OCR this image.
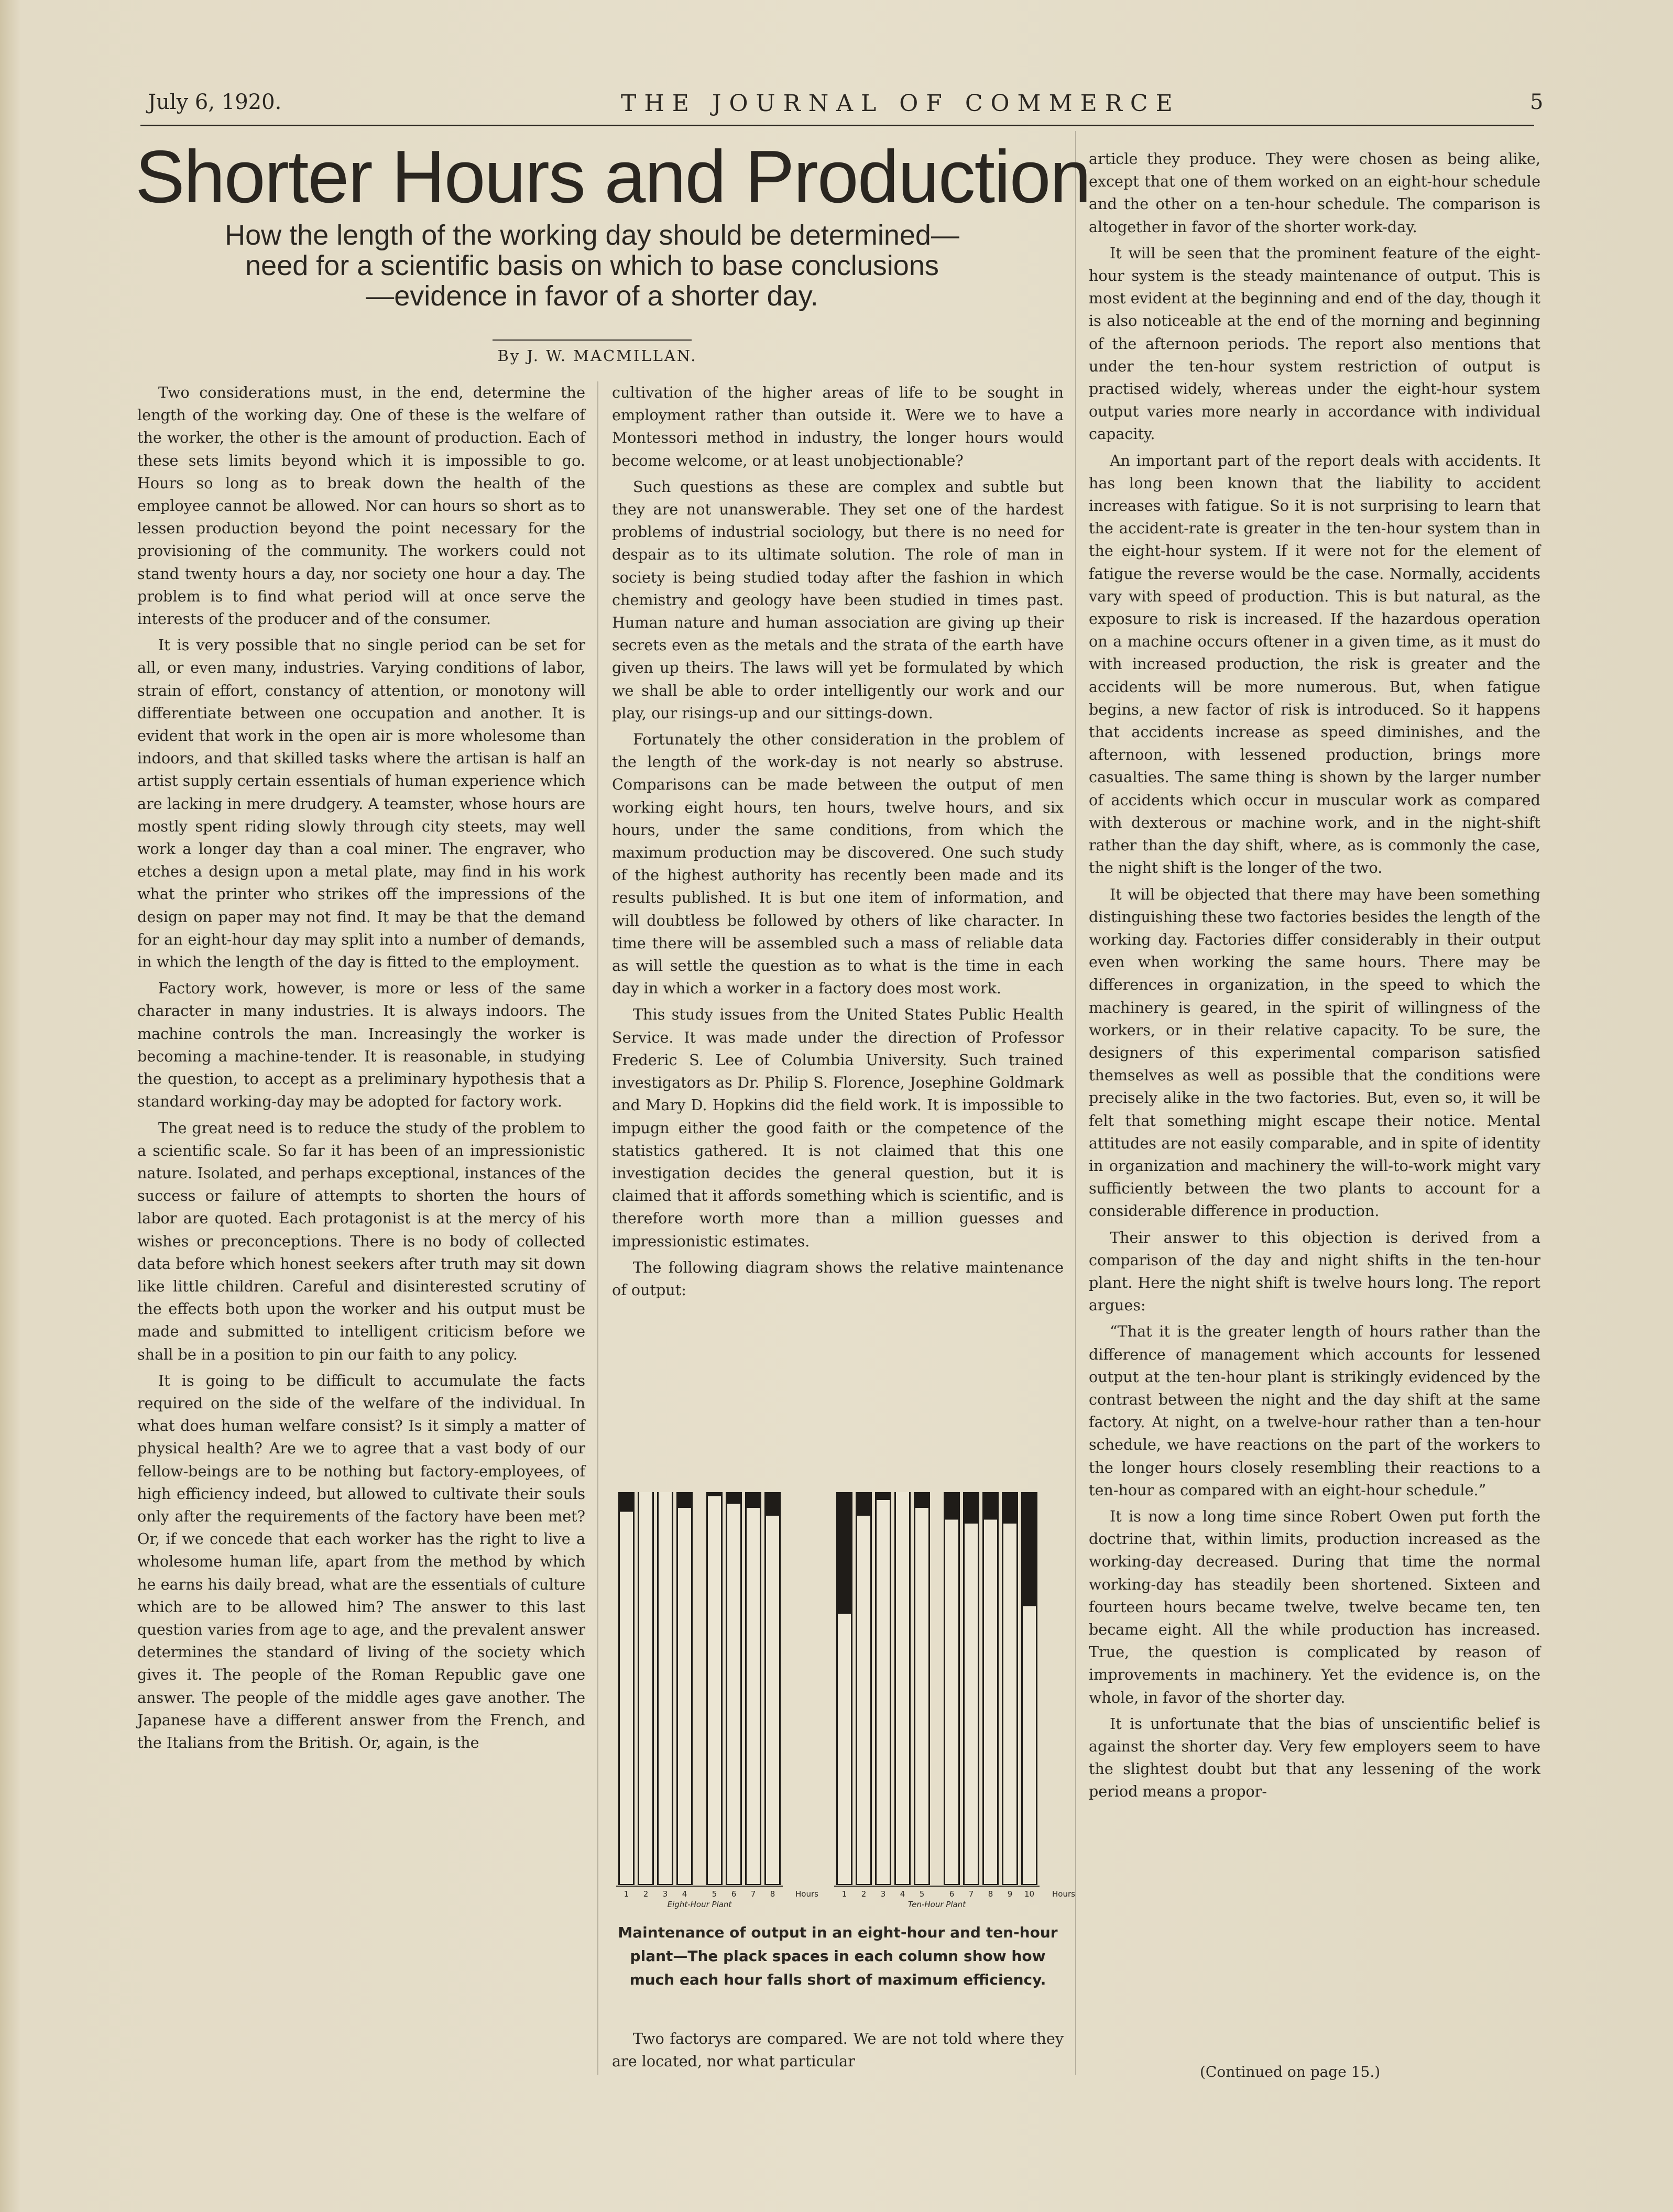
July 6, 1920.	THE JOURNAL OF COMMERCE	5
Shorter Hours and Production
How the length of the working day should be determined—
need for a scientific basis on which to base conclusions
—evidence in favor of a shorter day.
By J. W. MACMILLAN.

Two considerations must, in the end, determine the length of the working day. One of these is the welfare of the worker, the other is the amount of production. Each of these sets limits beyond which it is impossible to go. Hours so long as to break down the health of the employee cannot be allowed. Nor can hours so short as to lessen production beyond the point necessary for the provisioning of the community. The workers could not stand twenty hours a day, nor society one hour a day. The problem is to find what period will at once serve the interests of the producer and of the consumer.

It is very possible that no single period can be set for all, or even many, industries. Varying conditions of labor, strain of effort, constancy of attention, or monotony will differentiate between one occupation and another. It is evident that work in the open air is more wholesome than indoors, and that skilled tasks where the artisan is half an artist supply certain essentials of human experience which are lacking in mere drudgery. A teamster, whose hours are mostly spent riding slowly through city steets, may well work a longer day than a coal miner. The engraver, who etches a design upon a metal plate, may find in his work what the printer who strikes off the impressions of the design on paper may not find. It may be that the demand for an eight-hour day may split into a number of demands, in which the length of the day is fitted to the employment.

Factory work, however, is more or less of the same character in many industries. It is always indoors. The machine controls the man. Increasingly the worker is becoming a machine-tender. It is reasonable, in studying the question, to accept as a preliminary hypothesis that a standard working-day may be adopted for factory work.

The great need is to reduce the study of the problem to a scientific scale. So far it has been of an impressionistic nature. Isolated, and perhaps exceptional, instances of the success or failure of attempts to shorten the hours of labor are quoted. Each protagonist is at the mercy of his wishes or preconceptions. There is no body of collected data before which honest seekers after truth may sit down like little children. Careful and disinterested scrutiny of the effects both upon the worker and his output must be made and submitted to intelligent criticism before we shall be in a position to pin our faith to any policy.

It is going to be difficult to accumulate the facts required on the side of the welfare of the individual. In what does human welfare consist? Is it simply a matter of physical health? Are we to agree that a vast body of our fellow-beings are to be nothing but factory-employees, of high efficiency indeed, but allowed to cultivate their souls only after the requirements of the factory have been met? Or, if we concede that each worker has the right to live a wholesome human life, apart from the method by which he earns his daily bread, what are the essentials of culture which are to be allowed him? The answer to this last question varies from age to age, and the prevalent answer determines the standard of living of the society which gives it. The people of the Roman Republic gave one answer. The people of the middle ages gave another. The Japanese have a different answer from the French, and the Italians from the British. Or, again, is the

cultivation of the higher areas of life to be sought in employment rather than outside it. Were we to have a Montessori method in industry, the longer hours would become welcome, or at least unobjectionable?

Such questions as these are complex and subtle but they are not unanswerable. They set one of the hardest problems of industrial sociology, but there is no need for despair as to its ultimate solution. The role of man in society is being studied today after the fashion in which chemistry and geology have been studied in times past. Human nature and human association are giving up their secrets even as the metals and the strata of the earth have given up theirs. The laws will yet be formulated by which we shall be able to order intelligently our work and our play, our risings-up and our sittings-down.

Fortunately the other consideration in the problem of the length of the work-day is not nearly so abstruse. Comparisons can be made between the output of men working eight hours, ten hours, twelve hours, and six hours, under the same conditions, from which the maximum production may be discovered. One such study of the highest authority has recently been made and its results published. It is but one item of information, and will doubtless be followed by others of like character. In time there will be assembled such a mass of reliable data as will settle the question as to what is the time in each day in which a worker in a factory does most work.

This study issues from the United States Public Health Service. It was made under the direction of Professor Frederic S. Lee of Columbia University. Such trained investigators as Dr. Philip S. Florence, Josephine Goldmark and Mary D. Hopkins did the field work. It is impossible to impugn either the good faith or the competence of the statistics gathered. It is not claimed that this one investigation decides the general question, but it is claimed that it affords something which is scientific, and is therefore worth more than a million guesses and impressionistic estimates.

The following diagram shows the relative maintenance of output:

1 2 3 4	5 6 7 8	Hours
Eight-Hour Plant
1 2 3 4 5	6 7 8 9 10 Hours
Ten-Hour Plant
Maintenance of output in an eight-hour and ten-hour plant—The plack spaces in each column show how much each hour falls short of maximum efficiency.

Two factorys are compared. We are not told where they are located, nor what particular

article they produce. They were chosen as being alike, except that one of them worked on an eight-hour schedule and the other on a ten-hour schedule. The comparison is altogether in favor of the shorter work-day.

It will be seen that the prominent feature of the eight-hour system is the steady maintenance of output. This is most evident at the beginning and end of the day, though it is also noticeable at the end of the morning and beginning of the afternoon periods. The report also mentions that under the ten-hour system restriction of output is practised widely, whereas under the eight-hour system output varies more nearly in accordance with individual capacity.

An important part of the report deals with accidents. It has long been known that the liability to accident increases with fatigue. So it is not surprising to learn that the accident-rate is greater in the ten-hour system than in the eight-hour system. If it were not for the element of fatigue the reverse would be the case. Normally, accidents vary with speed of production. This is but natural, as the exposure to risk is increased. If the hazardous operation on a machine occurs oftener in a given time, as it must do with increased production, the risk is greater and the accidents will be more numerous. But, when fatigue begins, a new factor of risk is introduced. So it happens that accidents increase as speed diminishes, and the afternoon, with lessened production, brings more casualties. The same thing is shown by the larger number of accidents which occur in muscular work as compared with dexterous or machine work, and in the night-shift rather than the day shift, where, as is commonly the case, the night shift is the longer of the two.

It will be objected that there may have been something distinguishing these two factories besides the length of the working day. Factories differ considerably in their output even when working the same hours. There may be differences in organization, in the speed to which the machinery is geared, in the spirit of willingness of the workers, or in their relative capacity. To be sure, the designers of this experimental comparison satisfied themselves as well as possible that the conditions were precisely alike in the two factories. But, even so, it will be felt that something might escape their notice. Mental attitudes are not easily comparable, and in spite of identity in organization and machinery the will-to-work might vary sufficiently between the two plants to account for a considerable difference in production.

Their answer to this objection is derived from a comparison of the day and night shifts in the ten-hour plant. Here the night shift is twelve hours long. The report argues:

“That it is the greater length of hours rather than the difference of management which accounts for lessened output at the ten-hour plant is strikingly evidenced by the contrast between the night and the day shift at the same factory. At night, on a twelve-hour rather than a ten-hour schedule, we have reactions on the part of the workers to the longer hours closely resembling their reactions to a ten-hour as compared with an eight-hour schedule.”

It is now a long time since Robert Owen put forth the doctrine that, within limits, production increased as the working-day decreased. During that time the normal working-day has steadily been shortened. Sixteen and fourteen hours became twelve, twelve became ten, ten became eight. All the while production has increased. True, the question is complicated by reason of improvements in machinery. Yet the evidence is, on the whole, in favor of the shorter day.

It is unfortunate that the bias of unscientific belief is against the shorter day. Very few employers seem to have the slightest doubt but that any lessening of the work period means a propor-

(Continued on page 15.)
